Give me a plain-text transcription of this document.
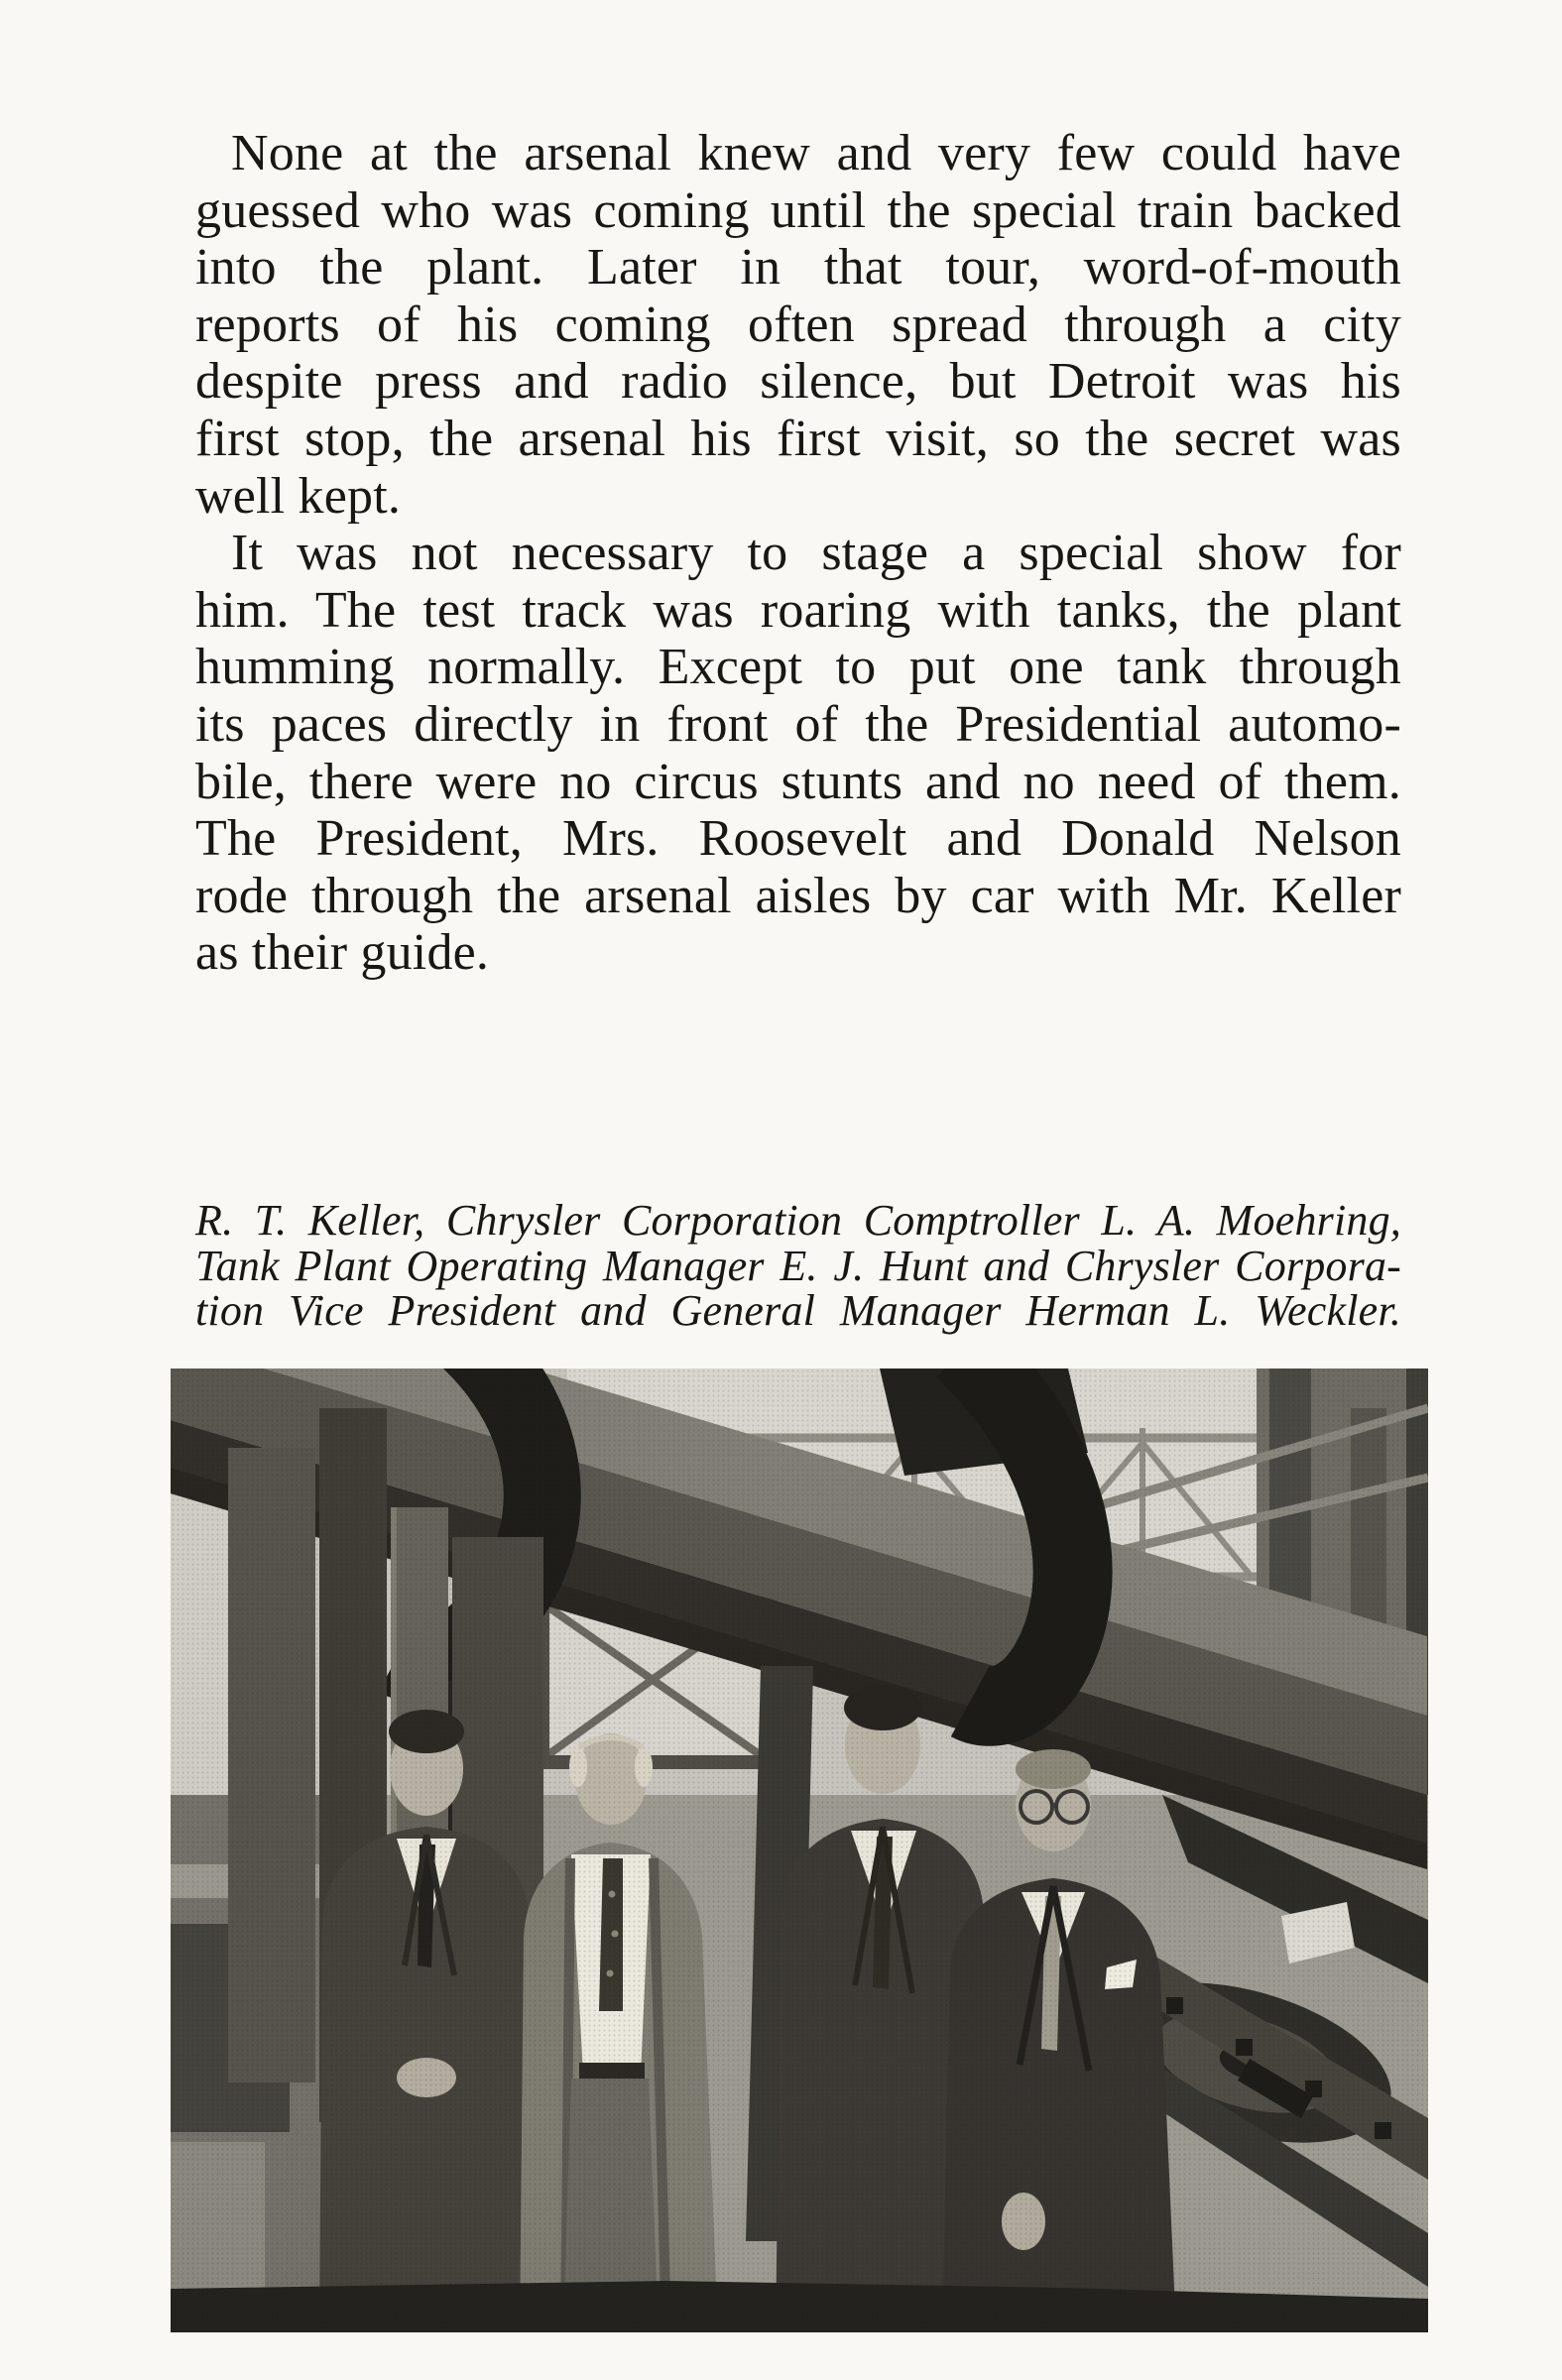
None at the arsenal knew and very few could have
guessed who was coming until the special train backed
into the plant. Later in that tour, word-of-mouth
reports of his coming often spread through a city
despite press and radio silence, but Detroit was his
first stop, the arsenal his first visit, so the secret was
well kept.
It was not necessary to stage a special show for
him. The test track was roaring with tanks, the plant
humming normally. Except to put one tank through
its paces directly in front of the Presidential automo-
bile, there were no circus stunts and no need of them.
The President, Mrs. Roosevelt and Donald Nelson
rode through the arsenal aisles by car with Mr. Keller
as their guide.
R. T. Keller, Chrysler Corporation Comptroller L. A. Moehring,
Tank Plant Operating Manager E. J. Hunt and Chrysler Corpora-
tion Vice President and General Manager Herman L. Weckler.
